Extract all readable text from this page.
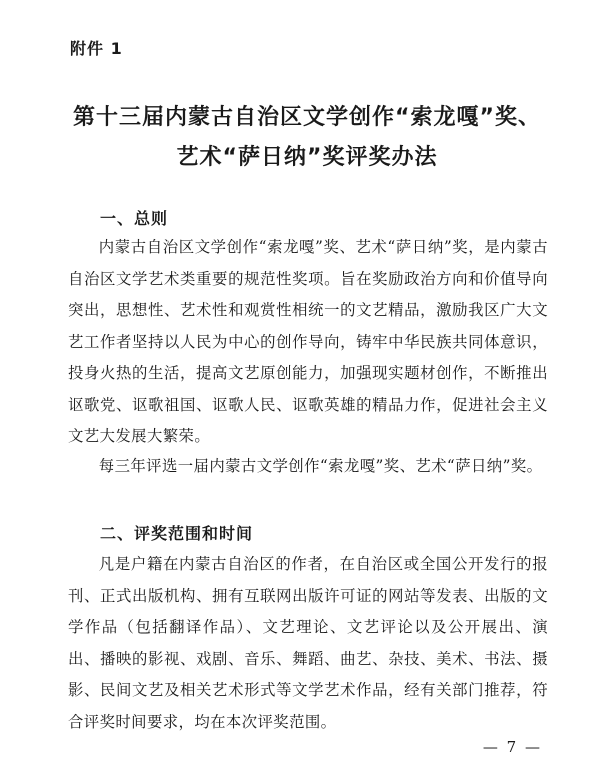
附件 1
第十三届内蒙古自治区文学创作“索龙嘎”奖、
艺术“萨日纳”奖评奖办法
一、总则
内蒙古自治区文学创作“索龙嘎”奖、艺术“萨日纳”奖，是内蒙古自治区文学艺术类重要的规范性奖项。旨在奖励政治方向和价值导向突出，思想性、艺术性和观赏性相统一的文艺精品，激励我区广大文艺工作者坚持以人民为中心的创作导向，铸牢中华民族共同体意识，投身火热的生活，提高文艺原创能力，加强现实题材创作，不断推出讴歌党、讴歌祖国、讴歌人民、讴歌英雄的精品力作，促进社会主义文艺大发展大繁荣。
每三年评选一届内蒙古文学创作“索龙嘎”奖、艺术“萨日纳”奖。
二、评奖范围和时间
凡是户籍在内蒙古自治区的作者，在自治区或全国公开发行的报刊、正式出版机构、拥有互联网出版许可证的网站等发表、出版的文学作品（包括翻译作品）、文艺理论、文艺评论以及公开展出、演出、播映的影视、戏剧、音乐、舞蹈、曲艺、杂技、美术、书法、摄影、民间文艺及相关艺术形式等文学艺术作品，经有关部门推荐，符合评奖时间要求，均在本次评奖范围。
— 7 —
